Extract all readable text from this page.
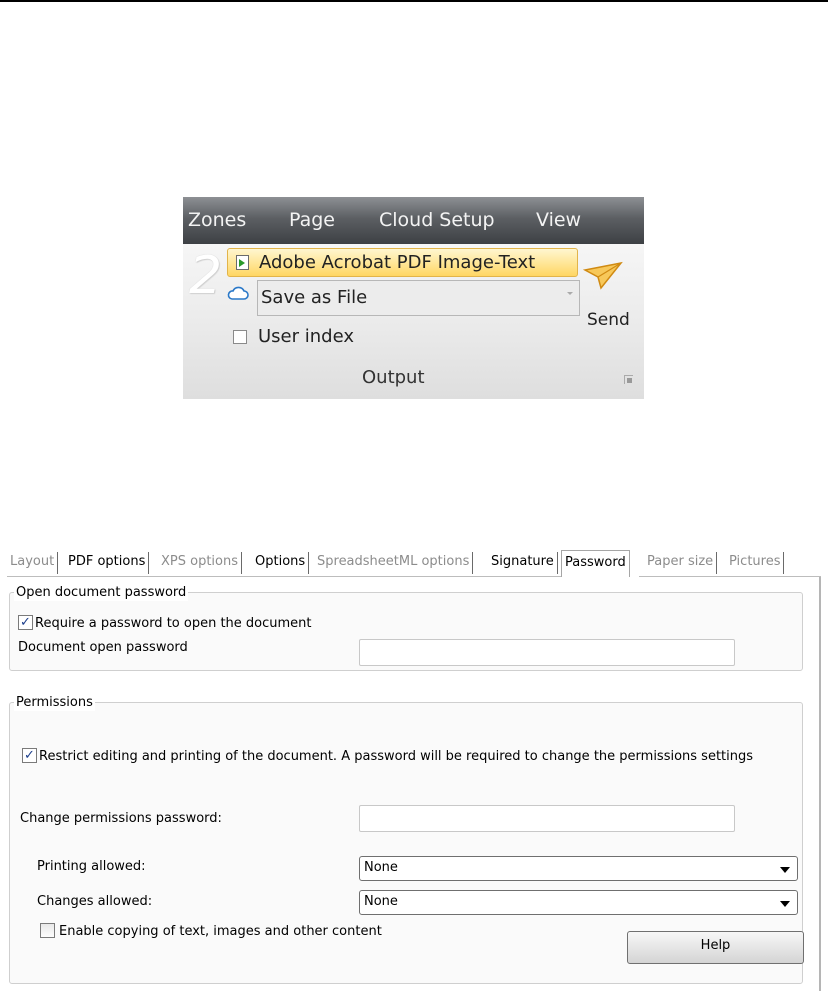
Zones Page Cloud Setup View
2 Adobe Acrobat PDF Image-Text
Save as File
User index
Send
Output
Layout	PDF options	XPS options	Options SpreadsheetML options	Signature Password	Paper size	Pictures
Open document password
✓ Require a password to open the document
Document open password
Permissions
✓ Restrict editing and printing of the document. A password will be required to change the permissions settings
Change permissions password:
Printing allowed:	None
Changes allowed:	None
Enable copying of text, images and other content
Help
